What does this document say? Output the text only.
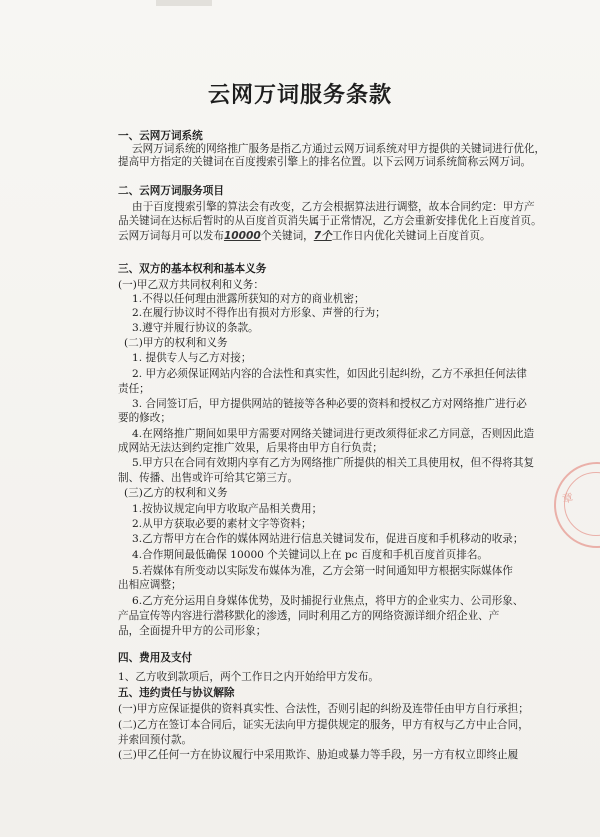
云网万词服务条款
一、云网万词系统
云网万词系统的网络推广服务是指乙方通过云网万词系统对甲方提供的关键词进行优化，
提高甲方指定的关键词在百度搜索引擎上的排名位置。以下云网万词系统简称云网万词。
二、云网万词服务项目
由于百度搜索引擎的算法会有改变，乙方会根据算法进行调整，故本合同约定：甲方产
品关键词在达标后暂时的从百度首页消失属于正常情况，乙方会重新安排优化上百度首页。
云网万词每月可以发布10000个关键词，7个工作日内优化关键词上百度首页。
三、双方的基本权利和基本义务
(一)甲乙双方共同权利和义务：
1.不得以任何理由泄露所获知的对方的商业机密；
2.在履行协议时不得作出有损对方形象、声誉的行为；
3.遵守并履行协议的条款。
(二)甲方的权利和义务
1. 提供专人与乙方对接；
2. 甲方必须保证网站内容的合法性和真实性，如因此引起纠纷，乙方不承担任何法律
责任；
3. 合同签订后，甲方提供网站的链接等各种必要的资料和授权乙方对网络推广进行必
要的修改；
4.在网络推广期间如果甲方需要对网络关键词进行更改须得征求乙方同意，否则因此造
成网站无法达到约定推广效果，后果将由甲方自行负责；
5.甲方只在合同有效期内享有乙方为网络推广所提供的相关工具使用权，但不得将其复
制、传播、出售或许可给其它第三方。
(三)乙方的权利和义务
1.按协议规定向甲方收取产品相关费用；
2.从甲方获取必要的素材文字等资料；
3.乙方帮甲方在合作的媒体网站进行信息关键词发布，促进百度和手机移动的收录；
4.合作期间最低确保 10000 个关键词以上在 pc 百度和手机百度首页排名。
5.若媒体有所变动以实际发布媒体为准，乙方会第一时间通知甲方根据实际媒体作
出相应调整；
6.乙方充分运用自身媒体优势，及时捕捉行业焦点，将甲方的企业实力、公司形象、
产品宣传等内容进行潜移默化的渗透，同时利用乙方的网络资源详细介绍企业、产
品，全面提升甲方的公司形象；
四、费用及支付
1、乙方收到款项后，两个工作日之内开始给甲方发布。
五、违约责任与协议解除
(一)甲方应保证提供的资料真实性、合法性，否则引起的纠纷及连带任由甲方自行承担；
(二)乙方在签订本合同后，证实无法向甲方提供规定的服务，甲方有权与乙方中止合同，
并索回预付款。
(三)甲乙任何一方在协议履行中采用欺诈、胁迫或暴力等手段，另一方有权立即终止履
章
